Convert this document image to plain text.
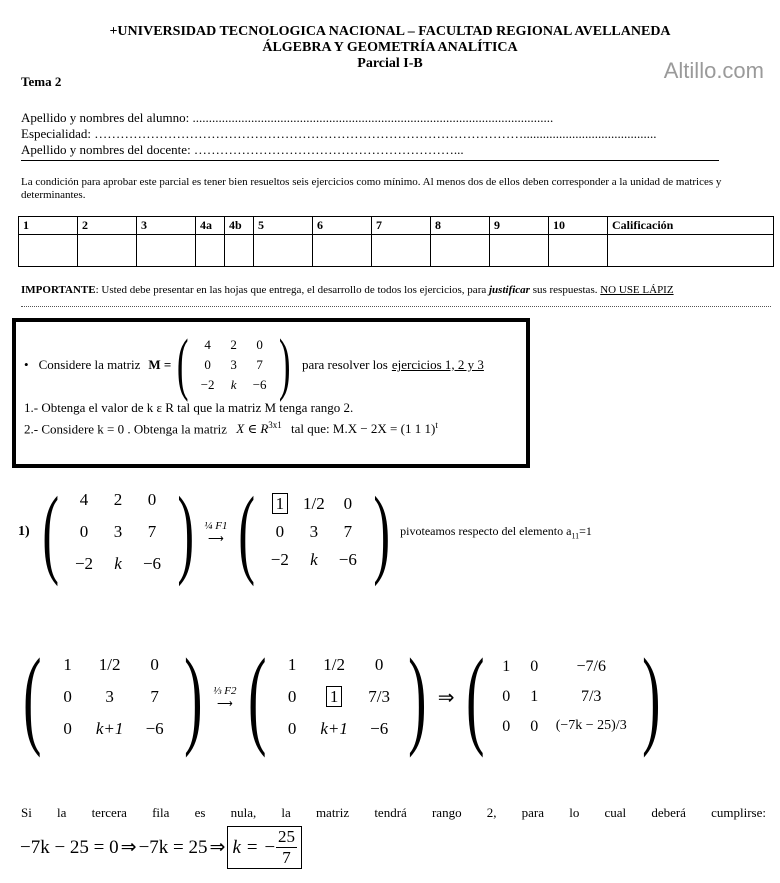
+UNIVERSIDAD TECNOLOGICA NACIONAL – FACULTAD REGIONAL AVELLANEDA
ÁLGEBRA Y GEOMETRÍA ANALÍTICA
Parcial I-B
Tema 2	Altillo.com
Apellido y nombres del alumno: ...............................................................................................................
Especialidad: ……………………………………………………………………………………….........................................
Apellido y nombres del docente: ……………………………………………………...
La condición para aprobar este parcial es tener bien resueltos seis ejercicios como mínimo. Al menos dos de ellos deben corresponder a la unidad de matrices y determinantes.
1	2	3	4a	4b	5	6	7	8	9	10	Calificación

IMPORTANTE: Usted debe presentar en las hojas que entrega, el desarrollo de todos los ejercicios, para justificar sus respuestas. NO USE LÁPIZ
• Considere la matriz M = (	4	2	0
0	3	7
−2	k	−6 ) para resolver los ejercicios 1, 2 y 3
1.- Obtenga el valor de k ε R tal que la matriz M tenga rango 2.
2.- Considere k = 0 . Obtenga la matriz X ∈ $R^{3x1}$ tal que: M.X − 2X = (1 1 1)$^t$
1) (	4	2	0
0	3	7
−2	k	−6 ) ¼ F1
⟶ (	1	1/2	0
0	3	7
−2	k	−6 ) pivoteamos respecto del elemento $a_{11}=1$
(	1	1/2	0
0	3	7
0	k+1	−6 ) ⅓ F2
⟶ (	1	1/2	0
0	1	7/3
0	k+1	−6 ) ⇒ (	1	0	−7/6
0	1	7/3
0	0	(−7k − 25)/3 )
Si la tercera fila es nula, la matriz tendrá rango 2, para lo cual deberá cumplirse:
−7k − 25 = 0 ⇒ −7k = 25 ⇒ k = − $\frac{25}{7}$
